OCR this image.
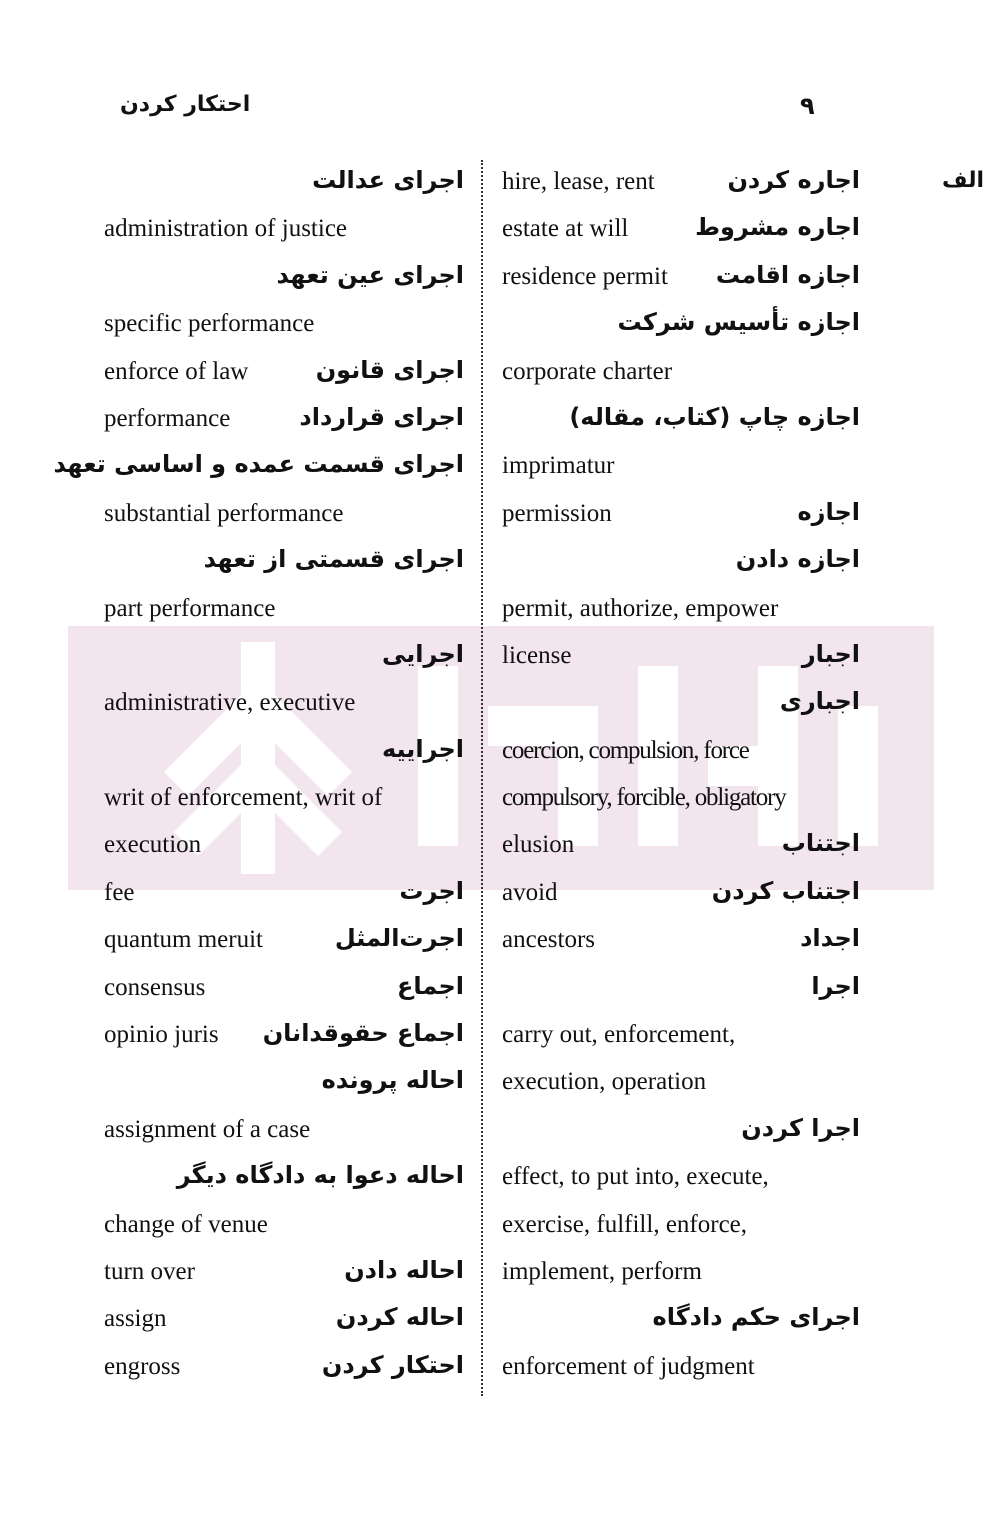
۹
احتکار کردن
الف
hire, lease, rent	اجاره کردن
estate at will	اجاره مشروط
residence permit اجازه اقامت
اجازه تأسیس شرکت
corporate charter
اجازه چاپ (کتاب، مقاله)
imprimatur
permission	اجازه
اجازه دادن
permit, authorize, empower
license	اجبار
اجباری
coercion, compulsion, force
compulsory, forcible, obligatory
elusion	اجتناب
avoid	اجتناب کردن
ancestors	اجداد
اجرا
carry out, enforcement,
execution, operation
اجرا کردن
effect, to put into, execute,
exercise, fulfill, enforce,
implement, perform
اجرای حکم دادگاه
enforcement of judgment
اجرای عدالت
administration of justice
اجرای عین تعهد
specific performance
enforce of law	اجرای قانون
performance	اجرای قرارداد
اجرای قسمت عمده و اساسی تعهد
substantial performance
اجرای قسمتی از تعهد
part performance
اجرایی
administrative, executive
اجراییه
writ of enforcement, writ of
execution
fee	اجرت
quantum meruit	اجرت‌المثل
consensus	اجماع
opinio juris اجماع حقوقدانان
احاله پرونده
assignment of a case
احاله دعوا به دادگاه دیگر
change of venue
turn over	احاله دادن
assign	احاله کردن
engross	احتکار کردن
